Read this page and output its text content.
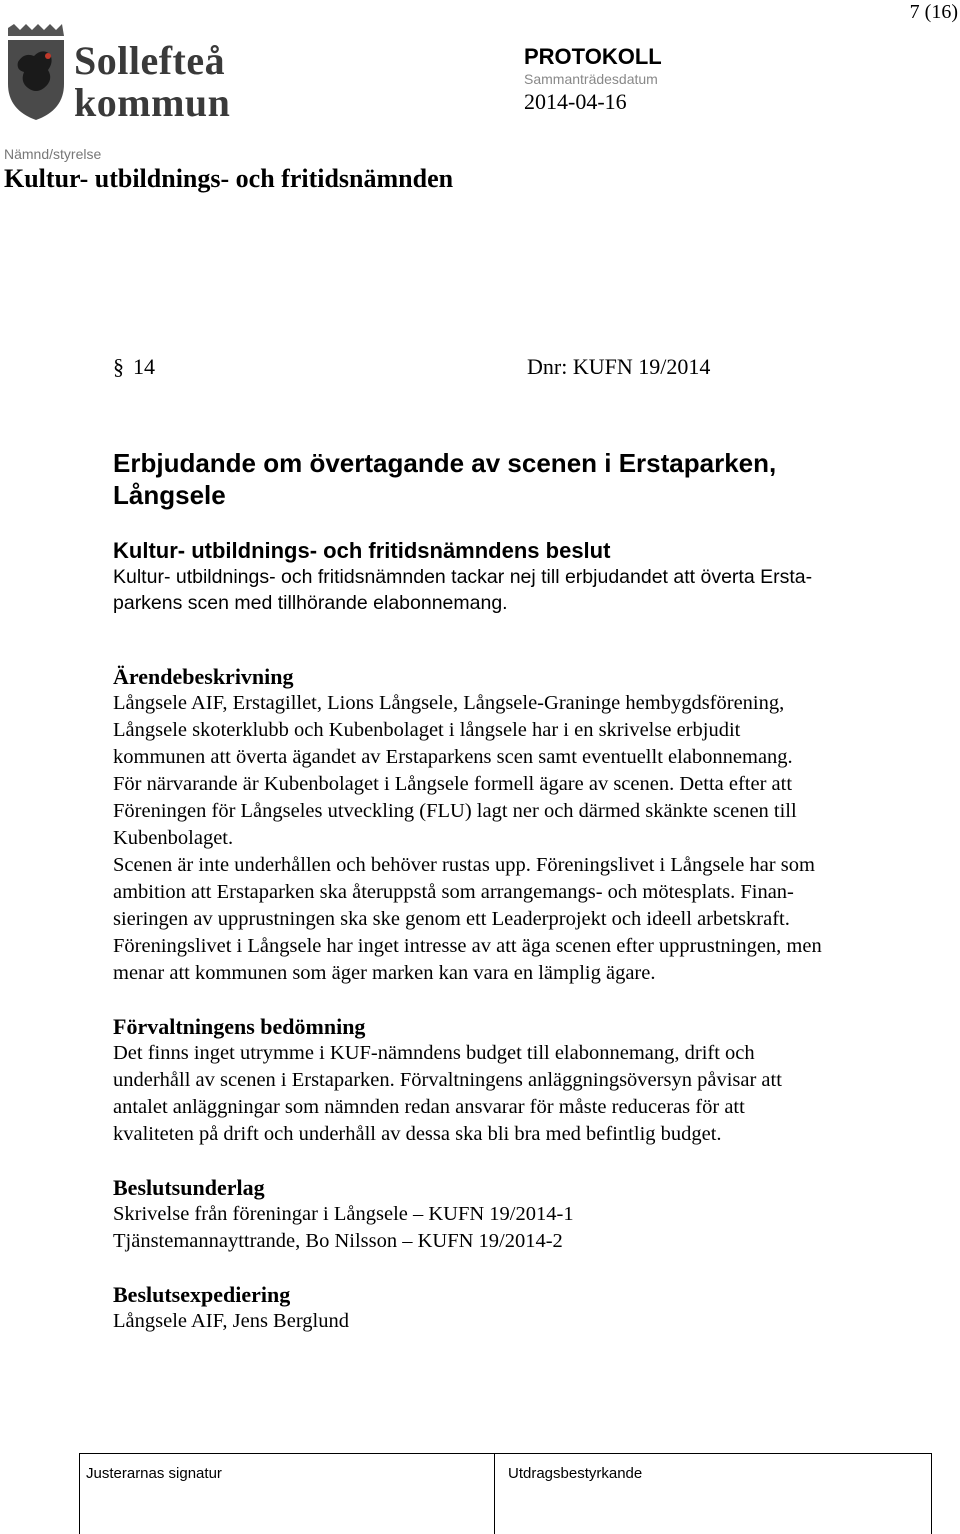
7 (16)
Sollefteå
kommun
PROTOKOLL
Sammanträdesdatum
2014-04-16
Nämnd/styrelse
Kultur- utbildnings- och fritidsnämnden
§ 14	Dnr: KUFN 19/2014
Erbjudande om övertagande av scenen i Erstaparken,
Långsele
Kultur- utbildnings- och fritidsnämndens beslut

Kultur- utbildnings- och fritidsnämnden tackar nej till erbjudandet att överta Ersta-
parkens scen med tillhörande elabonnemang.

Ärendebeskrivning

Långsele AIF, Erstagillet, Lions Långsele, Långsele-Graninge hembygdsförening,
Långsele skoterklubb och Kubenbolaget i långsele har i en skrivelse erbjudit
kommunen att överta ägandet av Erstaparkens scen samt eventuellt elabonnemang.
För närvarande är Kubenbolaget i Långsele formell ägare av scenen. Detta efter att
Föreningen för Långseles utveckling (FLU) lagt ner och därmed skänkte scenen till
Kubenbolaget.
Scenen är inte underhållen och behöver rustas upp. Föreningslivet i Långsele har som
ambition att Erstaparken ska återuppstå som arrangemangs- och mötesplats. Finan-
sieringen av upprustningen ska ske genom ett Leaderprojekt och ideell arbetskraft.
Föreningslivet i Långsele har inget intresse av att äga scenen efter upprustningen, men
menar att kommunen som äger marken kan vara en lämplig ägare.

Förvaltningens bedömning

Det finns inget utrymme i KUF-nämndens budget till elabonnemang, drift och
underhåll av scenen i Erstaparken. Förvaltningens anläggningsöversyn påvisar att
antalet anläggningar som nämnden redan ansvarar för måste reduceras för att
kvaliteten på drift och underhåll av dessa ska bli bra med befintlig budget.

Beslutsunderlag

Skrivelse från föreningar i Långsele – KUFN 19/2014-1
Tjänstemannayttrande, Bo Nilsson – KUFN 19/2014-2

Beslutsexpediering

Långsele AIF, Jens Berglund

Justerarnas signatur	Utdragsbestyrkande
